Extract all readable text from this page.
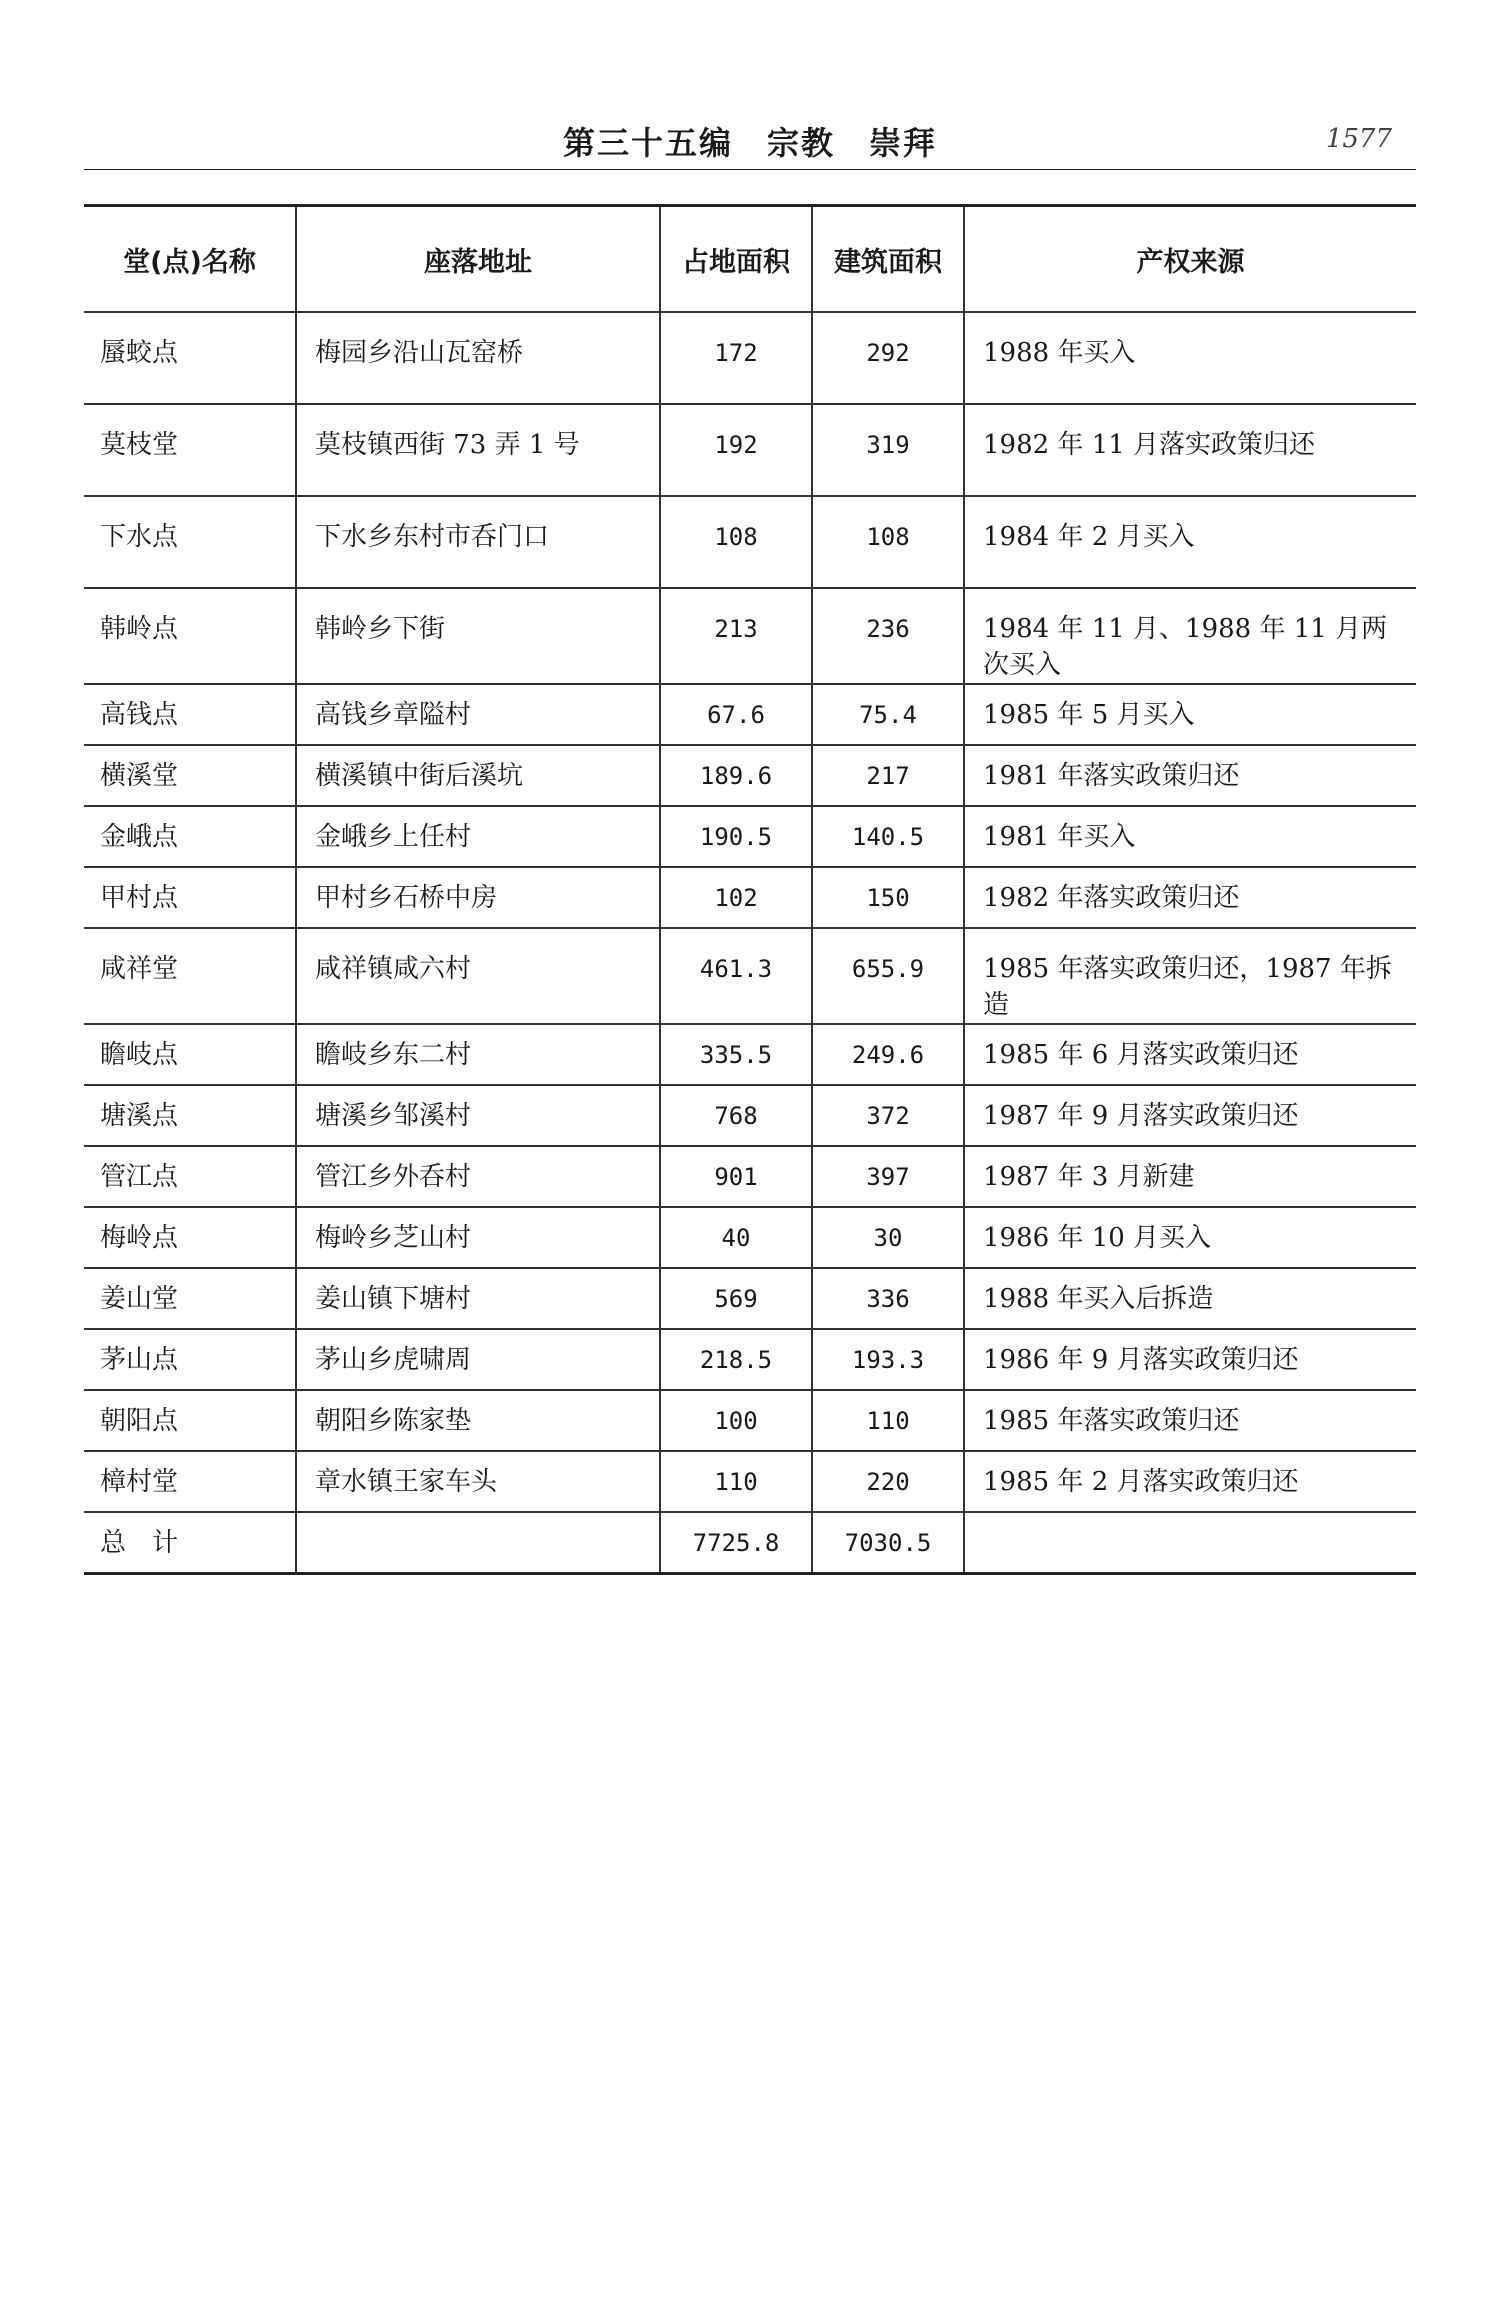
第三十五编　宗教　崇拜	1577
堂(点)名称	座落地址	占地面积	建筑面积	产权来源
蜃蛟点	梅园乡沿山瓦窑桥	172	292	1988 年买入
莫枝堂	莫枝镇西街 73 弄 1 号	192	319	1982 年 11 月落实政策归还
下水点	下水乡东村市呑门口	108	108	1984 年 2 月买入
韩岭点	韩岭乡下街	213	236	1984 年 11 月、1988 年 11 月两次买入
高钱点	高钱乡章隘村	67.6	75.4	1985 年 5 月买入
横溪堂	横溪镇中街后溪坑	189.6	217	1981 年落实政策归还
金峨点	金峨乡上任村	190.5	140.5	1981 年买入
甲村点	甲村乡石桥中房	102	150	1982 年落实政策归还
咸祥堂	咸祥镇咸六村	461.3	655.9	1985 年落实政策归还，1987 年拆造
瞻岐点	瞻岐乡东二村	335.5	249.6	1985 年 6 月落实政策归还
塘溪点	塘溪乡邹溪村	768	372	1987 年 9 月落实政策归还
管江点	管江乡外呑村	901	397	1987 年 3 月新建
梅岭点	梅岭乡芝山村	40	30	1986 年 10 月买入
姜山堂	姜山镇下塘村	569	336	1988 年买入后拆造
茅山点	茅山乡虎啸周	218.5	193.3	1986 年 9 月落实政策归还
朝阳点	朝阳乡陈家垫	100	110	1985 年落实政策归还
樟村堂	章水镇王家车头	110	220	1985 年 2 月落实政策归还
总　计		7725.8	7030.5	
